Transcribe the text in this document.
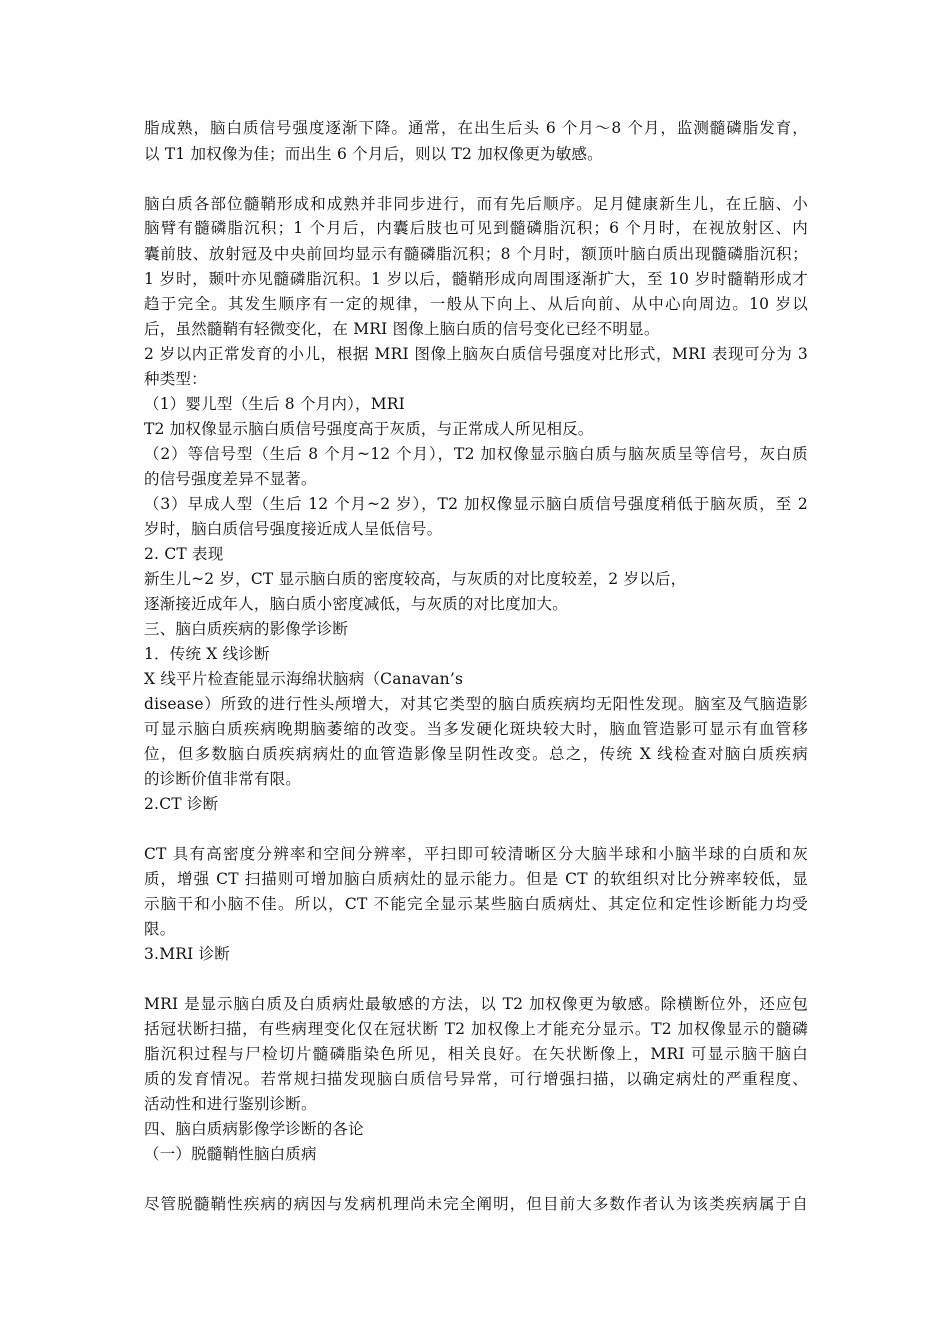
脂成熟，脑白质信号强度逐渐下降。通常，在出生后头 6 个月～8 个月，监测髓磷脂发育，
以 T1 加权像为佳；而出生 6 个月后，则以 T2 加权像更为敏感。
脑白质各部位髓鞘形成和成熟并非同步进行，而有先后顺序。足月健康新生儿，在丘脑、小
脑臂有髓磷脂沉积；1 个月后，内囊后肢也可见到髓磷脂沉积；6 个月时，在视放射区、内
囊前肢、放射冠及中央前回均显示有髓磷脂沉积；8 个月时，额顶叶脑白质出现髓磷脂沉积；
1 岁时，颞叶亦见髓磷脂沉积。1 岁以后，髓鞘形成向周围逐渐扩大，至 10 岁时髓鞘形成才
趋于完全。其发生顺序有一定的规律，一般从下向上、从后向前、从中心向周边。10 岁以
后，虽然髓鞘有轻微变化，在 MRI 图像上脑白质的信号变化已经不明显。
2 岁以内正常发育的小儿，根据 MRI 图像上脑灰白质信号强度对比形式，MRI 表现可分为 3
种类型：
（1）婴儿型（生后 8 个月内），MRI
T2 加权像显示脑白质信号强度高于灰质，与正常成人所见相反。
（2）等信号型（生后 8 个月~12 个月），T2 加权像显示脑白质与脑灰质呈等信号，灰白质
的信号强度差异不显著。
（3）早成人型（生后 12 个月~2 岁），T2 加权像显示脑白质信号强度稍低于脑灰质，至 2
岁时，脑白质信号强度接近成人呈低信号。
2. CT 表现
新生儿~2 岁，CT 显示脑白质的密度较高，与灰质的对比度较差，2 岁以后，
逐渐接近成年人，脑白质小密度减低，与灰质的对比度加大。
三、脑白质疾病的影像学诊断
1．传统 X 线诊断
X 线平片检查能显示海绵状脑病（Canavan’s
disease）所致的进行性头颅增大，对其它类型的脑白质疾病均无阳性发现。脑室及气脑造影
可显示脑白质疾病晚期脑萎缩的改变。当多发硬化斑块较大时，脑血管造影可显示有血管移
位，但多数脑白质疾病病灶的血管造影像呈阴性改变。总之，传统 X 线检查对脑白质疾病
的诊断价值非常有限。
2.CT 诊断
CT 具有高密度分辨率和空间分辨率，平扫即可较清晰区分大脑半球和小脑半球的白质和灰
质，增强 CT 扫描则可增加脑白质病灶的显示能力。但是 CT 的软组织对比分辨率较低，显
示脑干和小脑不佳。所以，CT 不能完全显示某些脑白质病灶、其定位和定性诊断能力均受
限。
3.MRI 诊断
MRI 是显示脑白质及白质病灶最敏感的方法，以 T2 加权像更为敏感。除横断位外，还应包
括冠状断扫描，有些病理变化仅在冠状断 T2 加权像上才能充分显示。T2 加权像显示的髓磷
脂沉积过程与尸检切片髓磷脂染色所见，相关良好。在矢状断像上，MRI 可显示脑干脑白
质的发育情况。若常规扫描发现脑白质信号异常，可行增强扫描，以确定病灶的严重程度、
活动性和进行鉴别诊断。
四、脑白质病影像学诊断的各论
（一）脱髓鞘性脑白质病
尽管脱髓鞘性疾病的病因与发病机理尚未完全阐明，但目前大多数作者认为该类疾病属于自
